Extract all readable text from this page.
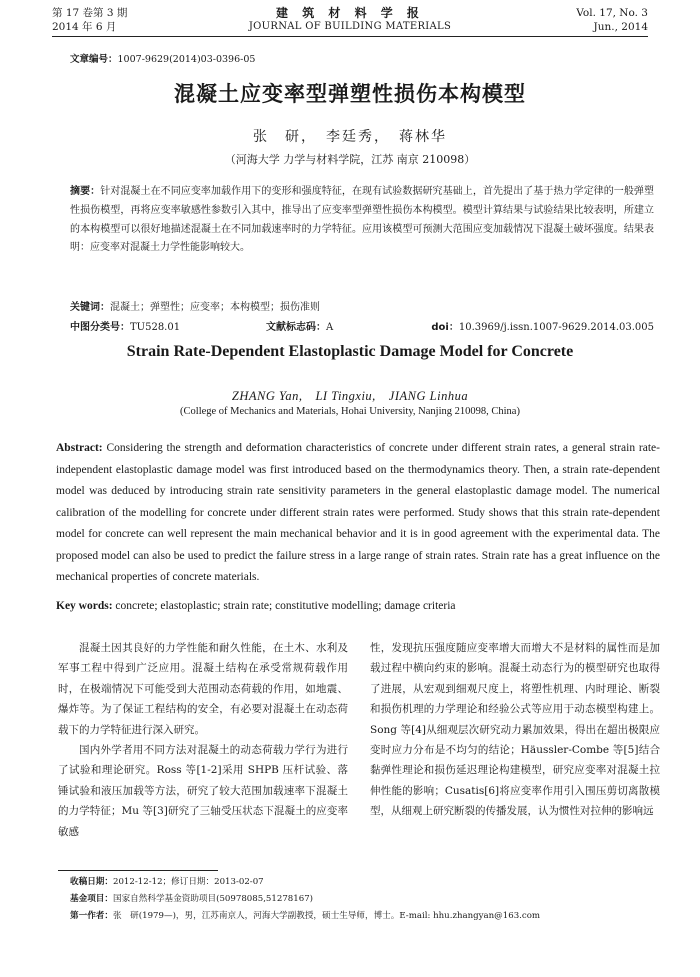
第 17 卷第 3 期
2014 年 6 月
建 筑 材 料 学 报
JOURNAL OF BUILDING MATERIALS
Vol. 17, No. 3
Jun., 2014
文章编号：1007-9629(2014)03-0396-05
混凝土应变率型弹塑性损伤本构模型
张　研，　李廷秀，　蒋林华
（河海大学 力学与材料学院，江苏 南京 210098）
摘要：针对混凝土在不同应变率加载作用下的变形和强度特征，在现有试验数据研究基础上，首先提出了基于热力学定律的一般弹塑性损伤模型，再将应变率敏感性参数引入其中，推导出了应变率型弹塑性损伤本构模型。模型计算结果与试验结果比较表明，所建立的本构模型可以很好地描述混凝土在不同加载速率时的力学特征。应用该模型可预测大范围应变加载情况下混凝土破坏强度。结果表明：应变率对混凝土力学性能影响较大。
关键词：混凝土；弹塑性；应变率；本构模型；损伤准则
中图分类号：TU528.01	文献标志码：A	doi：10.3969/j.issn.1007-9629.2014.03.005
Strain Rate-Dependent Elastoplastic Damage Model for Concrete
ZHANG Yan,　LI Tingxiu,　JIANG Linhua
(College of Mechanics and Materials, Hohai University, Nanjing 210098, China)
Abstract: Considering the strength and deformation characteristics of concrete under different strain rates, a general strain rate-independent elastoplastic damage model was first introduced based on the thermodynamics theory. Then, a strain rate-dependent model was deduced by introducing strain rate sensitivity parameters in the general elastoplastic damage model. The numerical calibration of the modelling for concrete under different strain rates were performed. Study shows that this strain rate-dependent model for concrete can well represent the main mechanical behavior and it is in good agreement with the experimental data. The proposed model can also be used to predict the failure stress in a large range of strain rates. Strain rate has a great influence on the mechanical properties of concrete materials.
Key words: concrete; elastoplastic; strain rate; constitutive modelling; damage criteria

混凝土因其良好的力学性能和耐久性能，在土木、水利及军事工程中得到广泛应用。混凝土结构在承受常规荷载作用时，在极端情况下可能受到大范围动态荷载的作用，如地震、爆炸等。为了保证工程结构的安全，有必要对混凝土在动态荷载下的力学特征进行深入研究。

国内外学者用不同方法对混凝土的动态荷载力学行为进行了试验和理论研究。Ross 等[1-2]采用 SHPB 压杆试验、落锤试验和液压加载等方法，研究了较大范围加载速率下混凝土的力学特征；Mu 等[3]研究了三轴受压状态下混凝土的应变率敏感

性，发现抗压强度随应变率增大而增大不是材料的属性而是加载过程中横向约束的影响。混凝土动态行为的模型研究也取得了进展，从宏观到细观尺度上，将塑性机理、内时理论、断裂和损伤机理的力学理论和经验公式等应用于动态模型构建上。Song 等[4]从细观层次研究动力累加效果，得出在超出极限应变时应力分布是不均匀的结论；Häussler-Combe 等[5]结合黏弹性理论和损伤延迟理论构建模型，研究应变率对混凝土拉伸性能的影响；Cusatis[6]将应变率作用引入围压剪切离散模型，从细观上研究断裂的传播发展，认为惯性对拉伸的影响远

收稿日期：2012-12-12；修订日期：2013-02-07
基金项目：国家自然科学基金资助项目(50978085,51278167)
第一作者：张　研(1979—)，男，江苏南京人，河海大学副教授，硕士生导师，博士。E-mail: hhu.zhangyan@163.com
